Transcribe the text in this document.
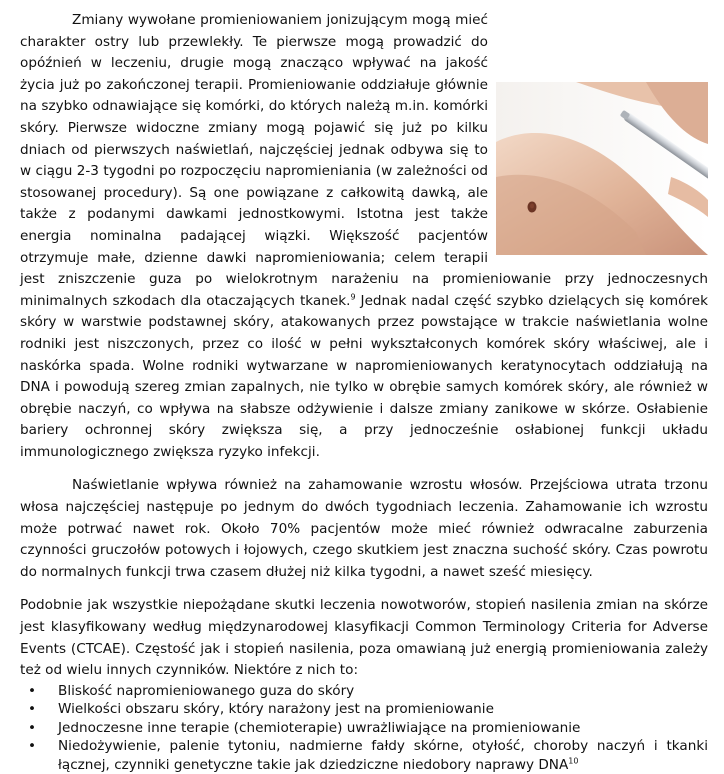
Zmiany wywołane promieniowaniem jonizującym mogą mieć charakter ostry lub przewlekły. Te pierwsze mogą prowadzić do opóźnień w leczeniu, drugie mogą znacząco wpływać na jakość życia już po zakończonej terapii. Promieniowanie oddziałuje głównie na szybko odnawiające się komórki, do których należą m.in. komórki skóry. Pierwsze widoczne zmiany mogą pojawić się już po kilku dniach od pierwszych naświetlań, najczęściej jednak odbywa się to w ciągu 2-3 tygodni po rozpoczęciu napromieniania (w zależności od stosowanej procedury). Są one powiązane z całkowitą dawką, ale także z podanymi dawkami jednostkowymi. Istotna jest także energia nominalna padającej wiązki. Większość pacjentów otrzymuje małe, dzienne dawki napromieniowania; celem terapii jest zniszczenie guza po wielokrotnym narażeniu na promieniowanie przy jednoczesnych minimalnych szkodach dla otaczających tkanek.$^9$ Jednak nadal część szybko dzielących się komórek skóry w warstwie podstawnej skóry, atakowanych przez powstające w trakcie naświetlania wolne rodniki jest niszczonych, przez co ilość w pełni wykształconych komórek skóry właściwej, ale i naskórka spada. Wolne rodniki wytwarzane w napromieniowanych keratynocytach oddziałują na DNA i powodują szereg zmian zapalnych, nie tylko w obrębie samych komórek skóry, ale również w obrębie naczyń, co wpływa na słabsze odżywienie i dalsze zmiany zanikowe w skórze. Osłabienie bariery ochronnej skóry zwiększa się, a przy jednocześnie osłabionej funkcji układu immunologicznego zwiększa ryzyko infekcji.

Naświetlanie wpływa również na zahamowanie wzrostu włosów. Przejściowa utrata trzonu włosa najczęściej następuje po jednym do dwóch tygodniach leczenia. Zahamowanie ich wzrostu może potrwać nawet rok. Około 70% pacjentów może mieć również odwracalne zaburzenia czynności gruczołów potowych i łojowych, czego skutkiem jest znaczna suchość skóry. Czas powrotu do normalnych funkcji trwa czasem dłużej niż kilka tygodni, a nawet sześć miesięcy.

Podobnie jak wszystkie niepożądane skutki leczenia nowotworów, stopień nasilenia zmian na skórze jest klasyfikowany według międzynarodowej klasyfikacji Common Terminology Criteria for Adverse Events (CTCAE). Częstość jak i stopień nasilenia, poza omawianą już energią promieniowania zależy też od wielu innych czynników. Niektóre z nich to:

• Bliskość napromieniowanego guza do skóry
• Wielkości obszaru skóry, który narażony jest na promieniowanie
• Jednoczesne inne terapie (chemioterapie) uwrażliwiające na promieniowanie
• Niedożywienie, palenie tytoniu, nadmierne fałdy skórne, otyłość, choroby naczyń i tkanki łącznej, czynniki genetyczne takie jak dziedziczne niedobory naprawy DNA$^{10}$
